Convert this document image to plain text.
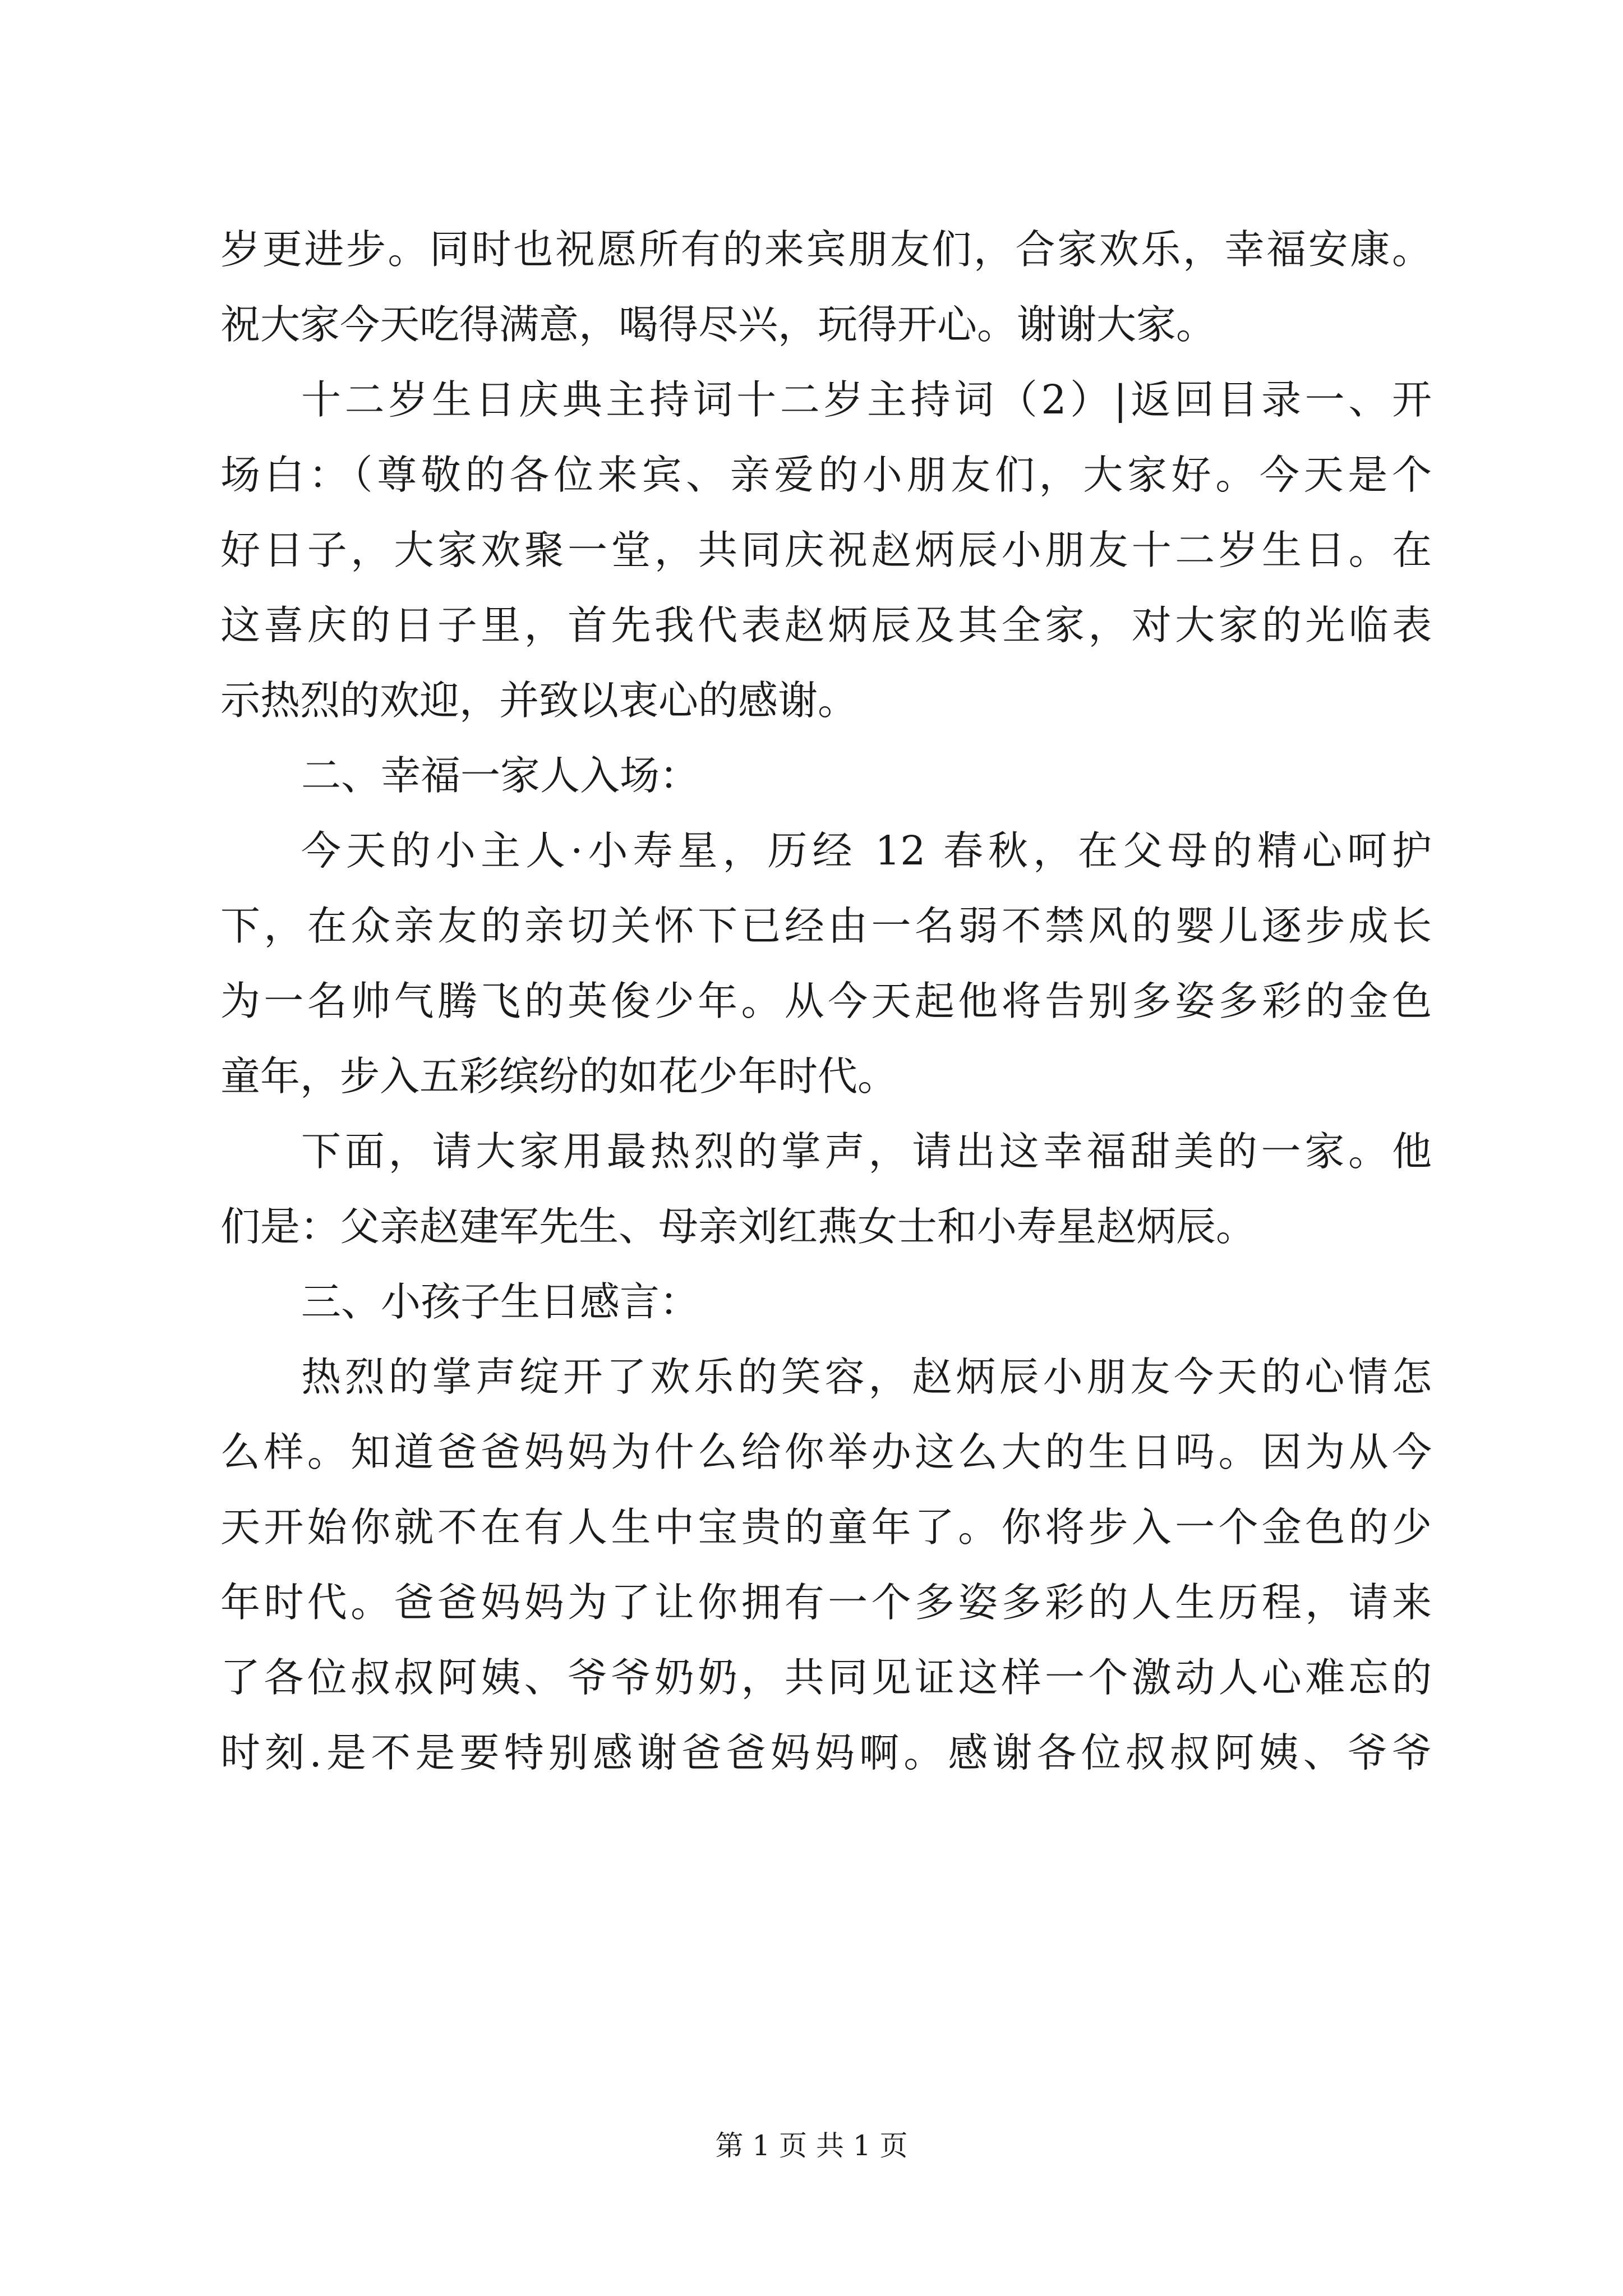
岁更进步。同时也祝愿所有的来宾朋友们，合家欢乐，幸福安康。
祝大家今天吃得满意，喝得尽兴，玩得开心。谢谢大家。
十二岁生日庆典主持词十二岁主持词（2）|返回目录一、开
场白：（尊敬的各位来宾、亲爱的小朋友们，大家好。今天是个
好日子，大家欢聚一堂，共同庆祝赵炳辰小朋友十二岁生日。在
这喜庆的日子里，首先我代表赵炳辰及其全家，对大家的光临表
示热烈的欢迎，并致以衷心的感谢。
二、幸福一家人入场：
今天的小主人·小寿星，历经 12 春秋，在父母的精心呵护
下，在众亲友的亲切关怀下已经由一名弱不禁风的婴儿逐步成长
为一名帅气腾飞的英俊少年。从今天起他将告别多姿多彩的金色
童年，步入五彩缤纷的如花少年时代。
下面，请大家用最热烈的掌声，请出这幸福甜美的一家。他
们是：父亲赵建军先生、母亲刘红燕女士和小寿星赵炳辰。
三、小孩子生日感言：
热烈的掌声绽开了欢乐的笑容，赵炳辰小朋友今天的心情怎
么样。知道爸爸妈妈为什么给你举办这么大的生日吗。因为从今
天开始你就不在有人生中宝贵的童年了。你将步入一个金色的少
年时代。爸爸妈妈为了让你拥有一个多姿多彩的人生历程，请来
了各位叔叔阿姨、爷爷奶奶，共同见证这样一个激动人心难忘的
时刻.是不是要特别感谢爸爸妈妈啊。感谢各位叔叔阿姨、爷爷
第 1 页 共 1 页
